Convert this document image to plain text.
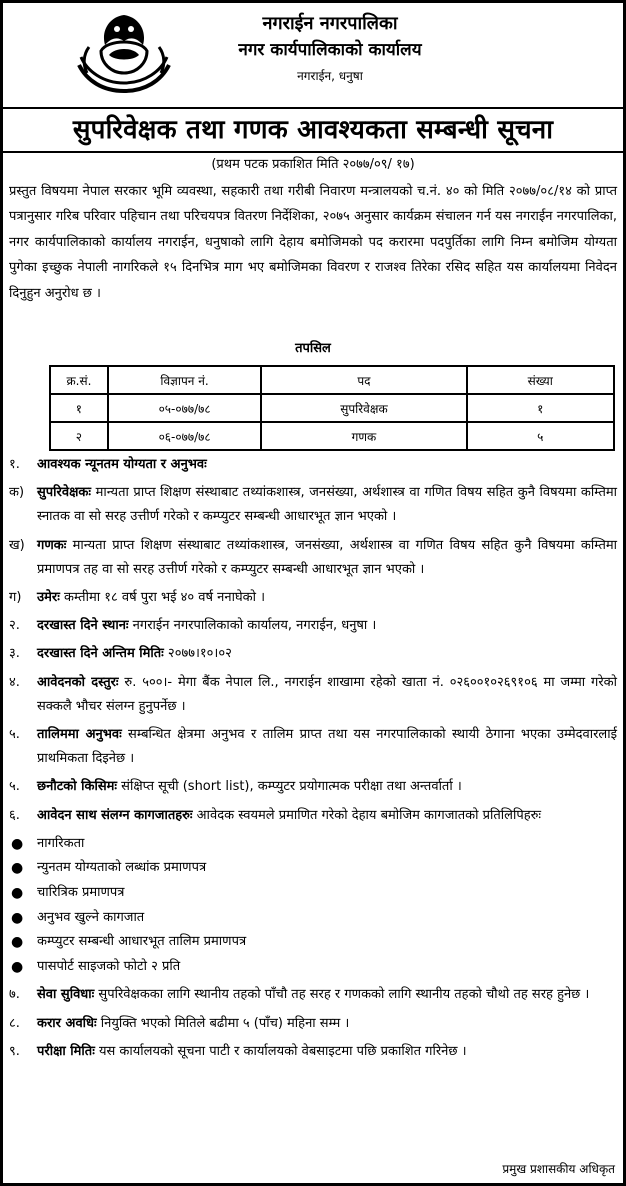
नगराईन नगरपालिका
नगर कार्यपालिकाको कार्यालय
नगराईन, धनुषा
सुपरिवेक्षक तथा गणक आवश्यकता सम्बन्धी सूचना
(प्रथम पटक प्रकाशित मिति २०७७/०९/ १७)

प्रस्तुत विषयमा नेपाल सरकार भूमि व्यवस्था, सहकारी तथा गरीबी निवारण मन्त्रालयको च.नं. ४० को मिति २०७७/०८/१४ को प्राप्त पत्रानुसार गरिब परिवार पहिचान तथा परिचयपत्र वितरण निर्देशिका, २०७५ अनुसार कार्यक्रम संचालन गर्न यस नगराईन नगरपालिका, नगर कार्यपालिकाको कार्यालय नगराईन, धनुषाको लागि देहाय बमोजिमको पद करारमा पदपुर्तिका लागि निम्न बमोजिम योग्यता पुगेका इच्छुक नेपाली नागरिकले १५ दिनभित्र माग भए बमोजिमका विवरण र राजश्व तिरेका रसिद सहित यस कार्यालयमा निवेदन दिनुहुन अनुरोध छ ।

तपसिल
क्र.सं.	विज्ञापन नं.	पद	संख्या
१	०५-०७७/७८	सुपरिवेक्षक	१
२	०६-०७७/७८	गणक	५
१. आवश्यक न्यूनतम योग्यता र अनुभवः
क) सुपरिवेक्षकः मान्यता प्राप्त शिक्षण संस्थाबाट तथ्यांकशास्त्र, जनसंख्या, अर्थशास्त्र वा गणित विषय सहित कुनै विषयमा कम्तिमा स्नातक वा सो सरह उत्तीर्ण गरेको र कम्प्युटर सम्बन्धी आधारभूत ज्ञान भएको ।
ख) गणकः मान्यता प्राप्त शिक्षण संस्थाबाट तथ्यांकशास्त्र, जनसंख्या, अर्थशास्त्र वा गणित विषय सहित कुनै विषयमा कम्तिमा प्रमाणपत्र तह वा सो सरह उत्तीर्ण गरेको र कम्प्युटर सम्बन्धी आधारभूत ज्ञान भएको ।
ग) उमेरः कम्तीमा १८ वर्ष पुरा भई ४० वर्ष ननाघेको ।
२. दरखास्त दिने स्थानः नगराईन नगरपालिकाको कार्यालय, नगराईन, धनुषा ।
३. दरखास्त दिने अन्तिम मितिः २०७७।१०।०२
४. आवेदनको दस्तुरः रु. ५००।- मेगा बैंक नेपाल लि., नगराईन शाखामा रहेको खाता नं. ०२६००१०२६९१०६ मा जम्मा गरेको सक्कलै भौचर संलग्न हुनुपर्नेछ ।
५. तालिममा अनुभवः सम्बन्धित क्षेत्रमा अनुभव र तालिम प्राप्त तथा यस नगरपालिकाको स्थायी ठेगाना भएका उम्मेदवारलाई प्राथमिकता दिइनेछ ।
५. छनौटको किसिमः संक्षिप्त सूची (short list), कम्प्युटर प्रयोगात्मक परीक्षा तथा अन्तर्वार्ता ।
६. आवेदन साथ संलग्न कागजातहरुः आवेदक स्वयमले प्रमाणित गरेको देहाय बमोजिम कागजातको प्रतिलिपिहरुः
● नागरिकता
● न्युनतम योग्यताको लब्धांक प्रमाणपत्र
● चारित्रिक प्रमाणपत्र
● अनुभव खुल्ने कागजात
● कम्प्युटर सम्बन्धी आधारभूत तालिम प्रमाणपत्र
● पासपोर्ट साइजको फोटो २ प्रति
७. सेवा सुविधाः सुपरिवेक्षकका लागि स्थानीय तहको पाँचौ तह सरह र गणकको लागि स्थानीय तहको चौथो तह सरह हुनेछ ।
८. करार अवधिः नियुक्ति भएको मितिले बढीमा ५ (पाँच) महिना सम्म ।
९. परीक्षा मितिः यस कार्यालयको सूचना पाटी र कार्यालयको वेबसाइटमा पछि प्रकाशित गरिनेछ ।
प्रमुख प्रशासकीय अधिकृत
